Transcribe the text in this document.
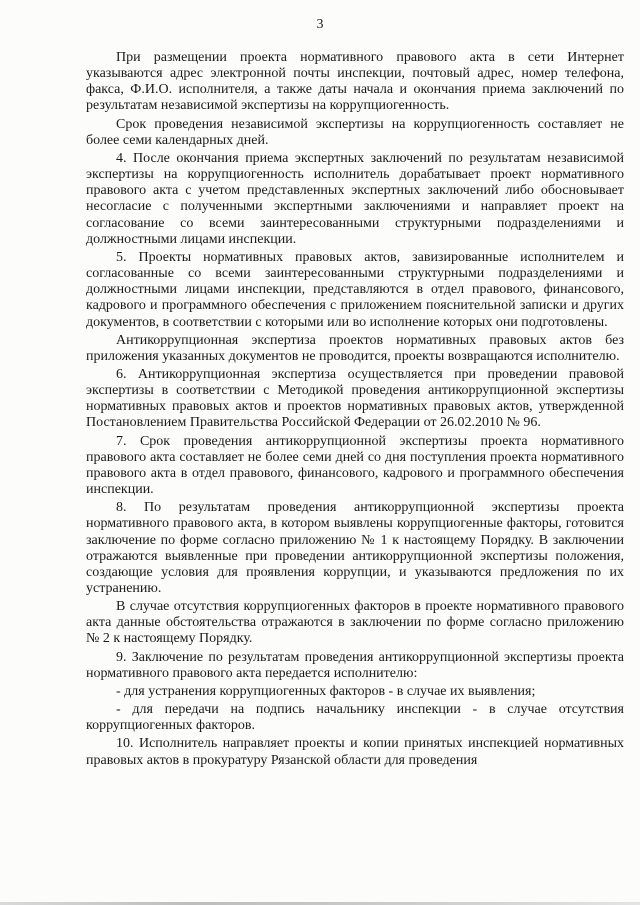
3

При размещении проекта нормативного правового акта в сети Интернет указываются адрес электронной почты инспекции, почтовый адрес, номер телефона, факса, Ф.И.О. исполнителя, а также даты начала и окончания приема заключений по результатам независимой экспертизы на коррупциогенность.

Срок проведения независимой экспертизы на коррупциогенность составляет не более семи календарных дней.

4. После окончания приема экспертных заключений по результатам независимой экспертизы на коррупциогенность исполнитель дорабатывает проект нормативного правового акта с учетом представленных экспертных заключений либо обосновывает несогласие с полученными экспертными заключениями и направляет проект на согласование со всеми заинтересованными структурными подразделениями и должностными лицами инспекции.

5. Проекты нормативных правовых актов, завизированные исполнителем и согласованные со всеми заинтересованными структурными подразделениями и должностными лицами инспекции, представляются в отдел правового, финансового, кадрового и программного обеспечения с приложением пояснительной записки и других документов, в соответствии с которыми или во исполнение которых они подготовлены.

Антикоррупционная экспертиза проектов нормативных правовых актов без приложения указанных документов не проводится, проекты возвращаются исполнителю.

6. Антикоррупционная экспертиза осуществляется при проведении правовой экспертизы в соответствии с Методикой проведения антикоррупционной экспертизы нормативных правовых актов и проектов нормативных правовых актов, утвержденной Постановлением Правительства Российской Федерации от 26.02.2010 № 96.

7. Срок проведения антикоррупционной экспертизы проекта нормативного правового акта составляет не более семи дней со дня поступления проекта нормативного правового акта в отдел правового, финансового, кадрового и программного обеспечения инспекции.

8. По результатам проведения антикоррупционной экспертизы проекта нормативного правового акта, в котором выявлены коррупциогенные факторы, готовится заключение по форме согласно приложению № 1 к настоящему Порядку. В заключении отражаются выявленные при проведении антикоррупционной экспертизы положения, создающие условия для проявления коррупции, и указываются предложения по их устранению.

В случае отсутствия коррупциогенных факторов в проекте нормативного правового акта данные обстоятельства отражаются в заключении по форме согласно приложению № 2 к настоящему Порядку.

9. Заключение по результатам проведения антикоррупционной экспертизы проекта нормативного правового акта передается исполнителю:

- для устранения коррупциогенных факторов - в случае их выявления;

- для передачи на подпись начальнику инспекции - в случае отсутствия коррупциогенных факторов.

10. Исполнитель направляет проекты и копии принятых инспекцией нормативных правовых актов в прокуратуру Рязанской области для проведения
